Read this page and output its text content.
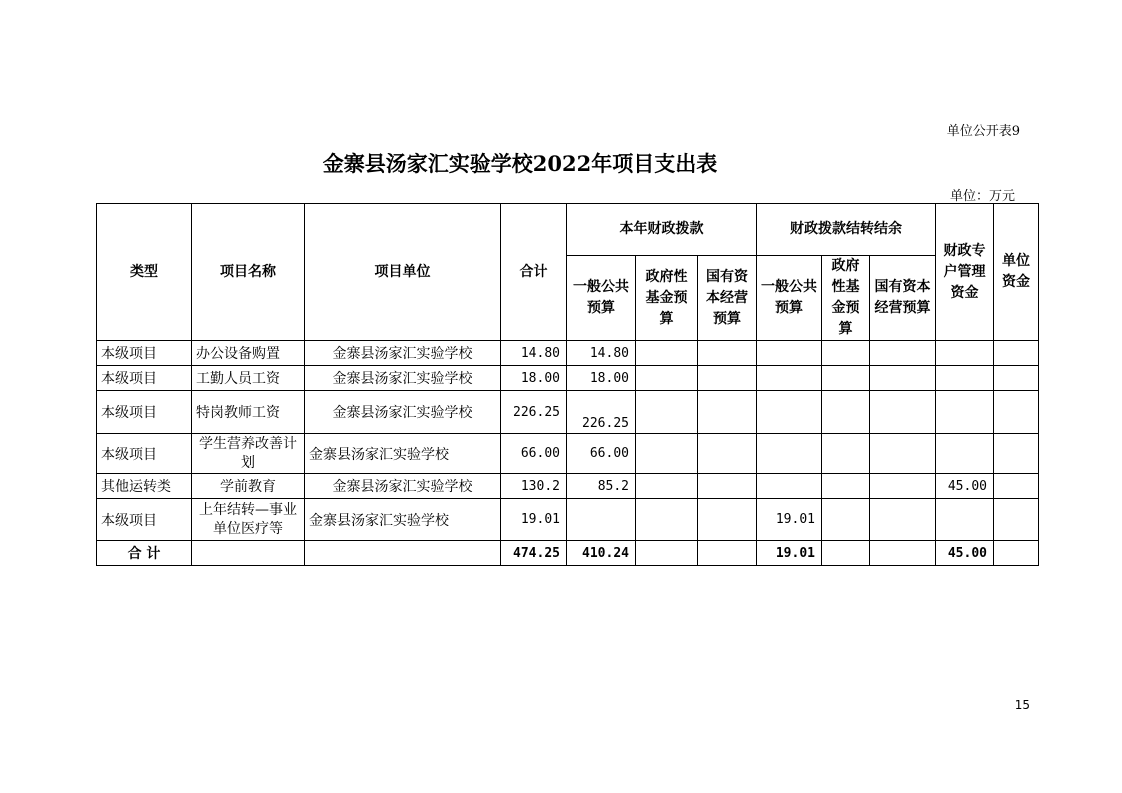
单位公开表9
金寨县汤家汇实验学校2022年项目支出表
单位：万元
类型	项目名称	项目单位	合计	本年财政拨款			财政拨款结转结余			财政专户管理资金	单位资金
				一般公共预算	政府性基金预算	国有资本经营预算	一般公共预算	政府性基金预算	国有资本经营预算		
本级项目	办公设备购置	金寨县汤家汇实验学校	14.80	14.80							
本级项目	工勤人员工资	金寨县汤家汇实验学校	18.00	18.00							
本级项目	特岗教师工资	金寨县汤家汇实验学校	226.25	226.25							
本级项目	学生营养改善计划	金寨县汤家汇实验学校	66.00	66.00							
其他运转类	学前教育	金寨县汤家汇实验学校	130.2	85.2						45.00	
本级项目	上年结转—事业单位医疗等	金寨县汤家汇实验学校	19.01				19.01				
合 计			474.25	410.24			19.01			45.00	
15
